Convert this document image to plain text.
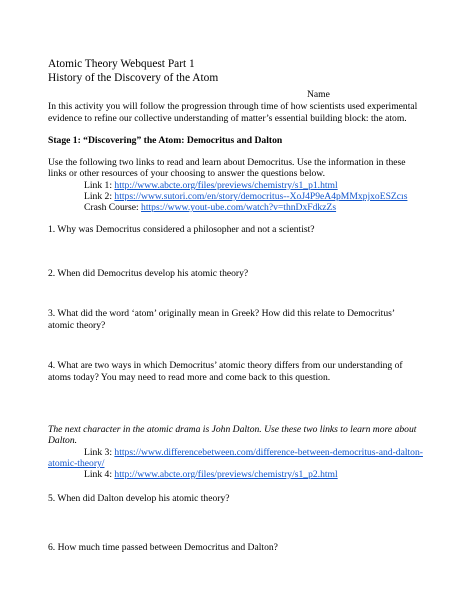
Atomic Theory Webquest Part 1
History of the Discovery of the Atom
Name
In this activity you will follow the progression through time of how scientists used experimental
evidence to refine our collective understanding of matter’s essential building block: the atom.
Stage 1: “Discovering” the Atom: Democritus and Dalton
Use the following two links to read and learn about Democritus. Use the information in these
links or other resources of your choosing to answer the questions below.
Link 1: http://www.abcte.org/files/previews/chemistry/s1_p1.html
Link 2: https://www.sutori.com/en/story/democritus--XoJ4P9eA4pMMxpjxoESZcıs
Crash Course: https://www.yout-ube.com/watch?v=thnDxFdkzZs
1. Why was Democritus considered a philosopher and not a scientist?
2. When did Democritus develop his atomic theory?
3. What did the word ‘atom’ originally mean in Greek? How did this relate to Democritus’
atomic theory?
4. What are two ways in which Democritus’ atomic theory differs from our understanding of
atoms today? You may need to read more and come back to this question.
The next character in the atomic drama is John Dalton. Use these two links to learn more about
Dalton.
Link 3: https://www.differencebetween.com/difference-between-democritus-and-dalton-
atomic-theory/
Link 4: http://www.abcte.org/files/previews/chemistry/s1_p2.html
5. When did Dalton develop his atomic theory?
6. How much time passed between Democritus and Dalton?
